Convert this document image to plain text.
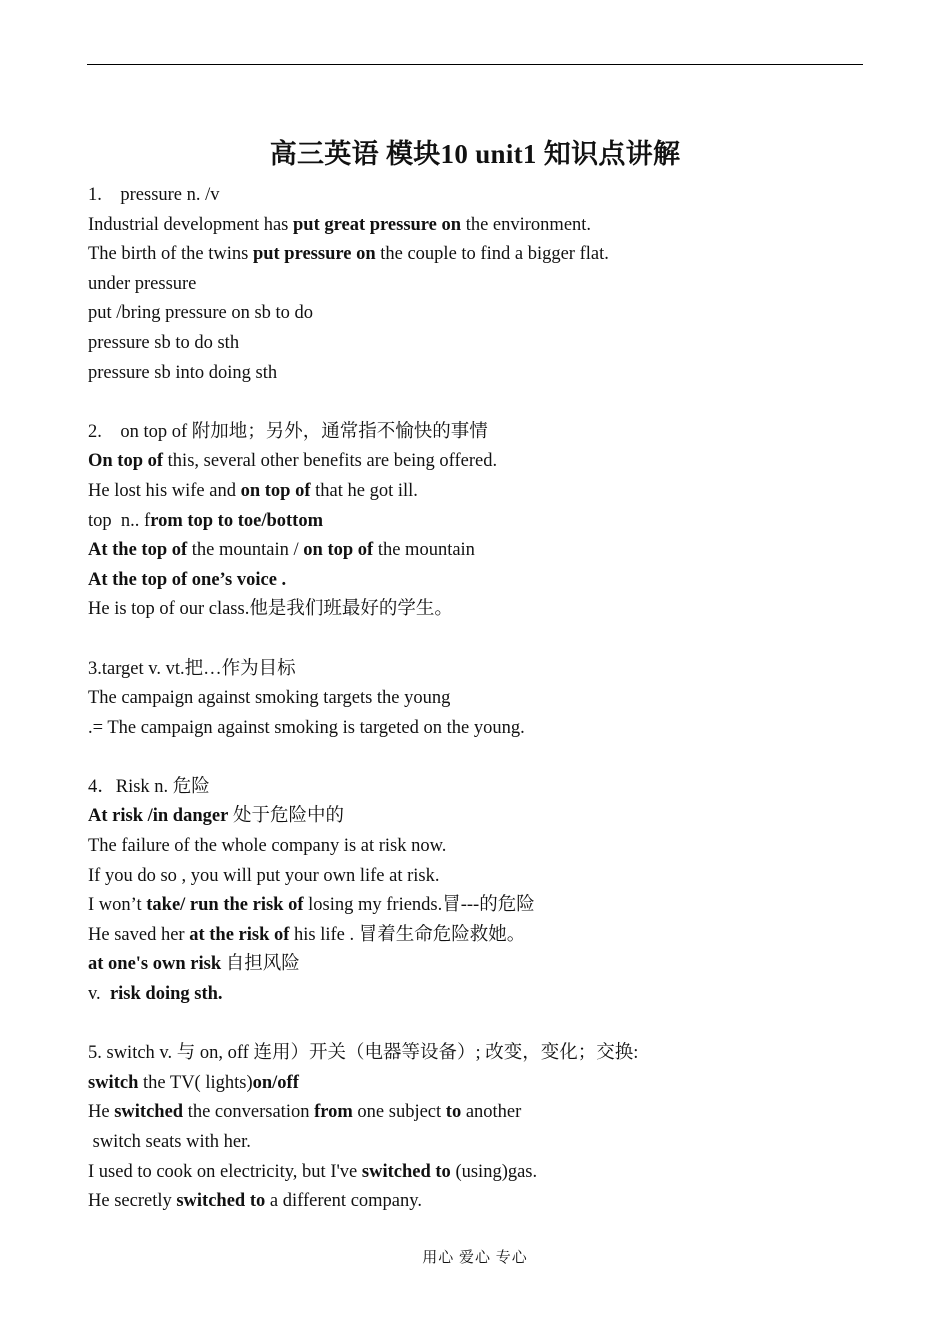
高三英语 模块10 unit1 知识点讲解
1.    pressure n. /v
Industrial development has put great pressure on the environment.
The birth of the twins put pressure on the couple to find a bigger flat.
under pressure
put /bring pressure on sb to do
pressure sb to do sth
pressure sb into doing sth
2.    on top of 附加地；另外，通常指不愉快的事情
On top of this, several other benefits are being offered.
He lost his wife and on top of that he got ill.
top  n.. from top to toe/bottom
At the top of the mountain / on top of the mountain
At the top of one’s voice .
He is top of our class.他是我们班最好的学生。
3.target v. vt.把…作为目标
The campaign against smoking targets the young
.= The campaign against smoking is targeted on the young.
4．Risk n. 危险
At risk /in danger 处于危险中的
The failure of the whole company is at risk now.
If you do so , you will put your own life at risk.
I won’t take/ run the risk of losing my friends.冒---的危险
He saved her at the risk of his life . 冒着生命危险救她。
at one's own risk 自担风险
v.  risk doing sth.
5. switch v. 与 on, off 连用）开关（电器等设备）; 改变，变化；交换:
switch the TV( lights)on/off
He switched the conversation from one subject to another
switch seats with her.
I used to cook on electricity, but I've switched to (using)gas.
He secretly switched to a different company.
用心 爱心 专心
